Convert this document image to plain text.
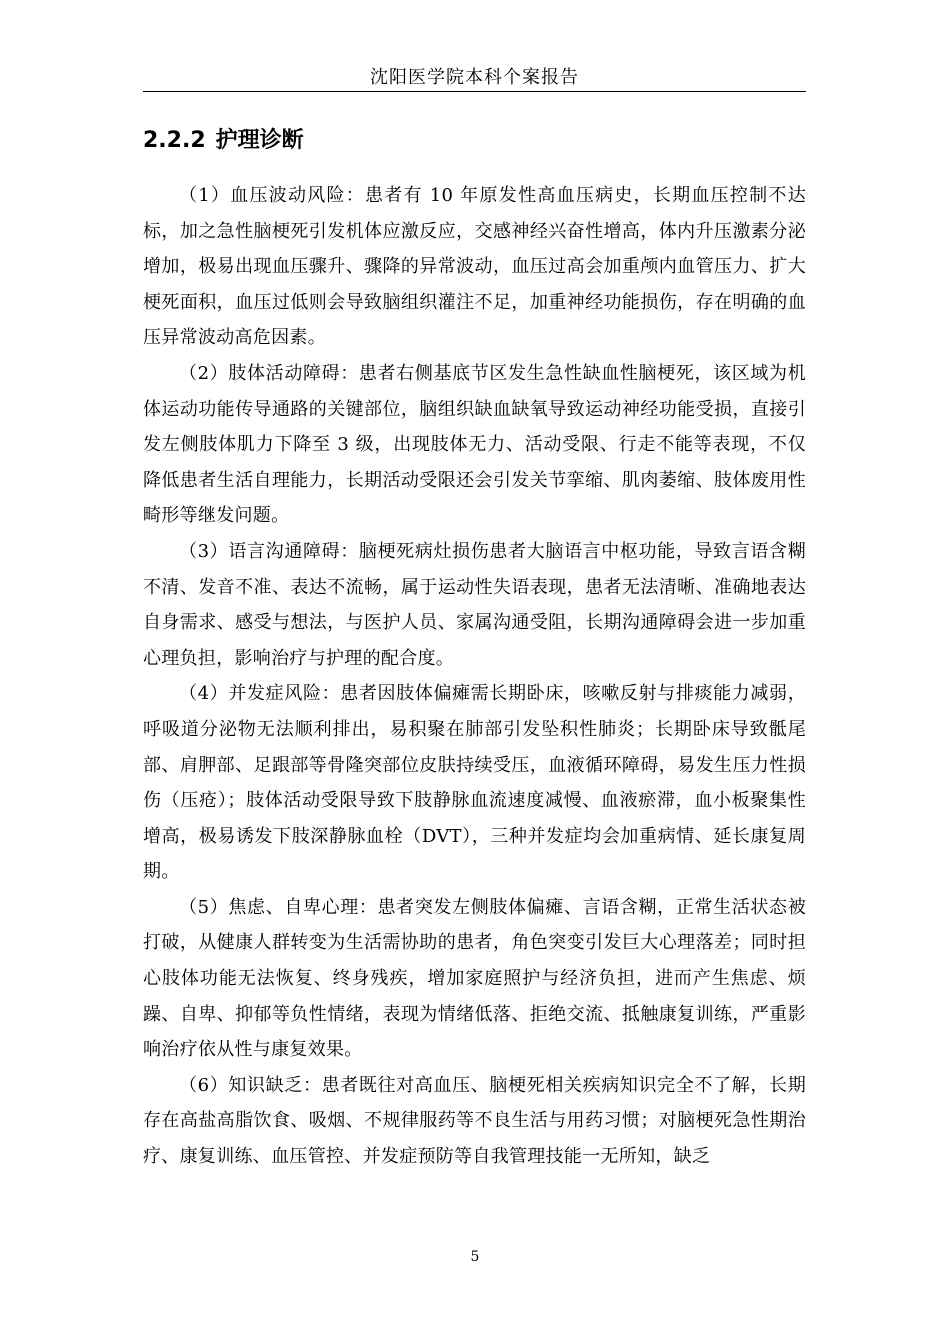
沈阳医学院本科个案报告
2.2.2 护理诊断

（1）血压波动风险：患者有 10 年原发性高血压病史，长期血压控制不达标，加之急性脑梗死引发机体应激反应，交感神经兴奋性增高，体内升压激素分泌增加，极易出现血压骤升、骤降的异常波动，血压过高会加重颅内血管压力、扩大梗死面积，血压过低则会导致脑组织灌注不足，加重神经功能损伤，存在明确的血压异常波动高危因素。

（2）肢体活动障碍：患者右侧基底节区发生急性缺血性脑梗死，该区域为机体运动功能传导通路的关键部位，脑组织缺血缺氧导致运动神经功能受损，直接引发左侧肢体肌力下降至 3 级，出现肢体无力、活动受限、行走不能等表现，不仅降低患者生活自理能力，长期活动受限还会引发关节挛缩、肌肉萎缩、肢体废用性畸形等继发问题。

（3）语言沟通障碍：脑梗死病灶损伤患者大脑语言中枢功能，导致言语含糊不清、发音不准、表达不流畅，属于运动性失语表现，患者无法清晰、准确地表达自身需求、感受与想法，与医护人员、家属沟通受阻，长期沟通障碍会进一步加重心理负担，影响治疗与护理的配合度。

（4）并发症风险：患者因肢体偏瘫需长期卧床，咳嗽反射与排痰能力减弱，呼吸道分泌物无法顺利排出，易积聚在肺部引发坠积性肺炎；长期卧床导致骶尾部、肩胛部、足跟部等骨隆突部位皮肤持续受压，血液循环障碍，易发生压力性损伤（压疮）；肢体活动受限导致下肢静脉血流速度减慢、血液瘀滞，血小板聚集性增高，极易诱发下肢深静脉血栓（DVT），三种并发症均会加重病情、延长康复周期。

（5）焦虑、自卑心理：患者突发左侧肢体偏瘫、言语含糊，正常生活状态被打破，从健康人群转变为生活需协助的患者，角色突变引发巨大心理落差；同时担心肢体功能无法恢复、终身残疾，增加家庭照护与经济负担，进而产生焦虑、烦躁、自卑、抑郁等负性情绪，表现为情绪低落、拒绝交流、抵触康复训练，严重影响治疗依从性与康复效果。

（6）知识缺乏：患者既往对高血压、脑梗死相关疾病知识完全不了解，长期存在高盐高脂饮食、吸烟、不规律服药等不良生活与用药习惯；对脑梗死急性期治疗、康复训练、血压管控、并发症预防等自我管理技能一无所知，缺乏

5
